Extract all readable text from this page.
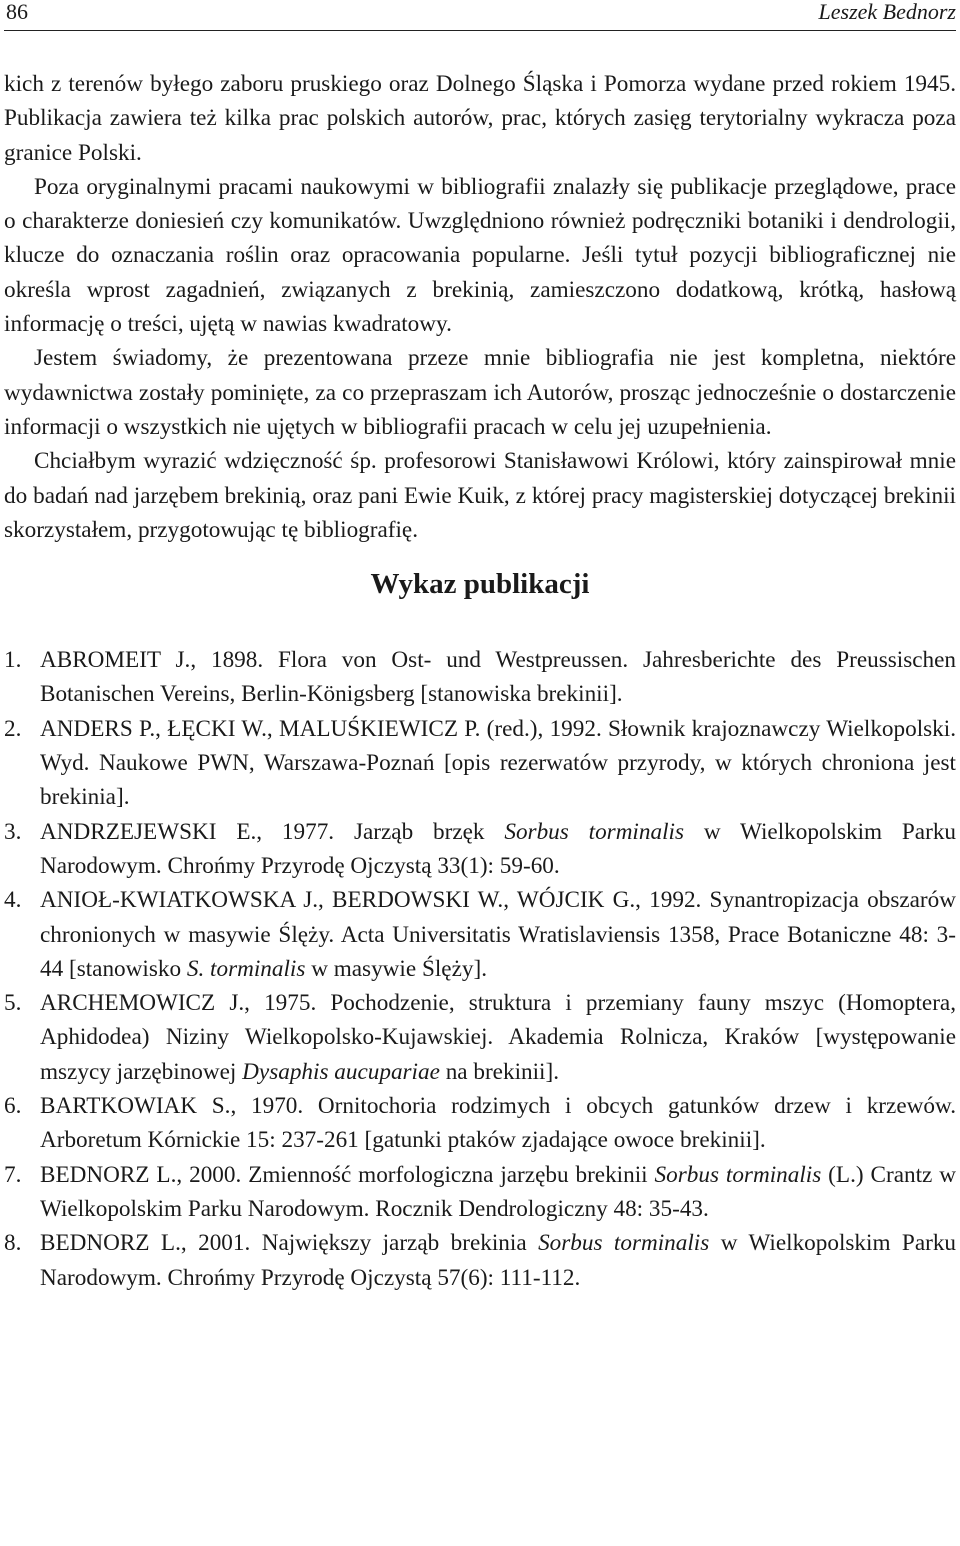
86	Leszek Bednorz

kich z terenów byłego zaboru pruskiego oraz Dolnego Śląska i Pomorza wydane przed rokiem 1945. Publikacja zawiera też kilka prac polskich autorów, prac, których zasięg terytorialny wykracza poza granice Polski.

Poza oryginalnymi pracami naukowymi w bibliografii znalazły się publikacje przeglądowe, prace o charakterze doniesień czy komunikatów. Uwzględniono również podręczniki botaniki i dendrologii, klucze do oznaczania roślin oraz opracowania popularne. Jeśli tytuł pozycji bibliograficznej nie określa wprost zagadnień, związanych z brekinią, zamieszczono dodatkową, krótką, hasłową informację o treści, ujętą w nawias kwadratowy.

Jestem świadomy, że prezentowana przeze mnie bibliografia nie jest kompletna, niektóre wydawnictwa zostały pominięte, za co przepraszam ich Autorów, prosząc jednocześnie o dostarczenie informacji o wszystkich nie ujętych w bibliografii pracach w celu jej uzupełnienia.

Chciałbym wyrazić wdzięczność śp. profesorowi Stanisławowi Królowi, który zainspirował mnie do badań nad jarzębem brekinią, oraz pani Ewie Kuik, z której pracy magisterskiej dotyczącej brekinii skorzystałem, przygotowując tę bibliografię.

Wykaz publikacji
1. ABROMEIT J., 1898. Flora von Ost- und Westpreussen. Jahresberichte des Preussischen Botanischen Vereins, Berlin-Königsberg [stanowiska brekinii].
2. ANDERS P., ŁĘCKI W., MALUŚKIEWICZ P. (red.), 1992. Słownik krajoznawczy Wielkopolski. Wyd. Naukowe PWN, Warszawa-Poznań [opis rezerwatów przyrody, w których chroniona jest brekinia].
3. ANDRZEJEWSKI E., 1977. Jarząb brzęk Sorbus torminalis w Wielkopolskim Parku Narodowym. Chrońmy Przyrodę Ojczystą 33(1): 59-60.
4. ANIOŁ-KWIATKOWSKA J., BERDOWSKI W., WÓJCIK G., 1992. Synantropizacja obszarów chronionych w masywie Ślęży. Acta Universitatis Wratislaviensis 1358, Prace Botaniczne 48: 3-44 [stanowisko S. torminalis w masywie Ślęży].
5. ARCHEMOWICZ J., 1975. Pochodzenie, struktura i przemiany fauny mszyc (Homoptera, Aphidodea) Niziny Wielkopolsko-Kujawskiej. Akademia Rolnicza, Kraków [występowanie mszycy jarzębinowej Dysaphis aucupariae na brekinii].
6. BARTKOWIAK S., 1970. Ornitochoria rodzimych i obcych gatunków drzew i krzewów. Arboretum Kórnickie 15: 237-261 [gatunki ptaków zjadające owoce brekinii].
7. BEDNORZ L., 2000. Zmienność morfologiczna jarzębu brekinii Sorbus torminalis (L.) Crantz w Wielkopolskim Parku Narodowym. Rocznik Dendrologiczny 48: 35-43.
8. BEDNORZ L., 2001. Największy jarząb brekinia Sorbus torminalis w Wielkopolskim Parku Narodowym. Chrońmy Przyrodę Ojczystą 57(6): 111-112.
